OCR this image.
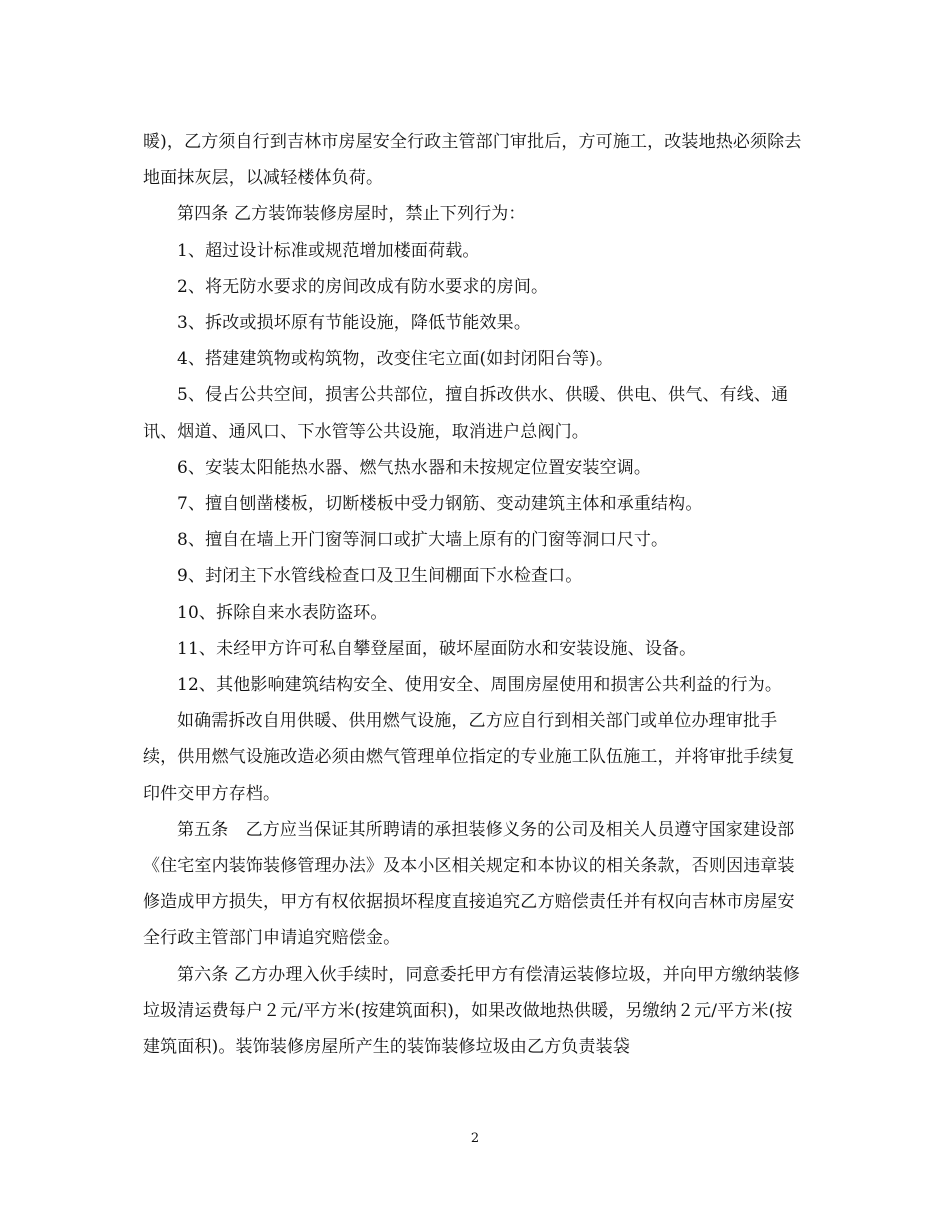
暖)，乙方须自行到吉林市房屋安全行政主管部门审批后，方可施工，改装地热必须除去地面抹灰层，以减轻楼体负荷。

第四条 乙方装饰装修房屋时，禁止下列行为：

1、超过设计标准或规范增加楼面荷载。

2、将无防水要求的房间改成有防水要求的房间。

3、拆改或损坏原有节能设施，降低节能效果。

4、搭建建筑物或构筑物，改变住宅立面(如封闭阳台等)。

5、侵占公共空间，损害公共部位，擅自拆改供水、供暖、供电、供气、有线、通讯、烟道、通风口、下水管等公共设施，取消进户总阀门。

6、安装太阳能热水器、燃气热水器和未按规定位置安装空调。

7、擅自刨凿楼板，切断楼板中受力钢筋、变动建筑主体和承重结构。

8、擅自在墙上开门窗等洞口或扩大墙上原有的门窗等洞口尺寸。

9、封闭主下水管线检查口及卫生间棚面下水检查口。

10、拆除自来水表防盗环。

11、未经甲方许可私自攀登屋面，破坏屋面防水和安装设施、设备。

12、其他影响建筑结构安全、使用安全、周围房屋使用和损害公共利益的行为。

如确需拆改自用供暖、供用燃气设施，乙方应自行到相关部门或单位办理审批手续，供用燃气设施改造必须由燃气管理单位指定的专业施工队伍施工，并将审批手续复印件交甲方存档。

第五条　乙方应当保证其所聘请的承担装修义务的公司及相关人员遵守国家建设部《住宅室内装饰装修管理办法》及本小区相关规定和本协议的相关条款，否则因违章装修造成甲方损失，甲方有权依据损坏程度直接追究乙方赔偿责任并有权向吉林市房屋安全行政主管部门申请追究赔偿金。

第六条 乙方办理入伙手续时，同意委托甲方有偿清运装修垃圾，并向甲方缴纳装修垃圾清运费每户２元/平方米(按建筑面积)，如果改做地热供暖，另缴纳２元/平方米(按建筑面积)。装饰装修房屋所产生的装饰装修垃圾由乙方负责装袋

2
